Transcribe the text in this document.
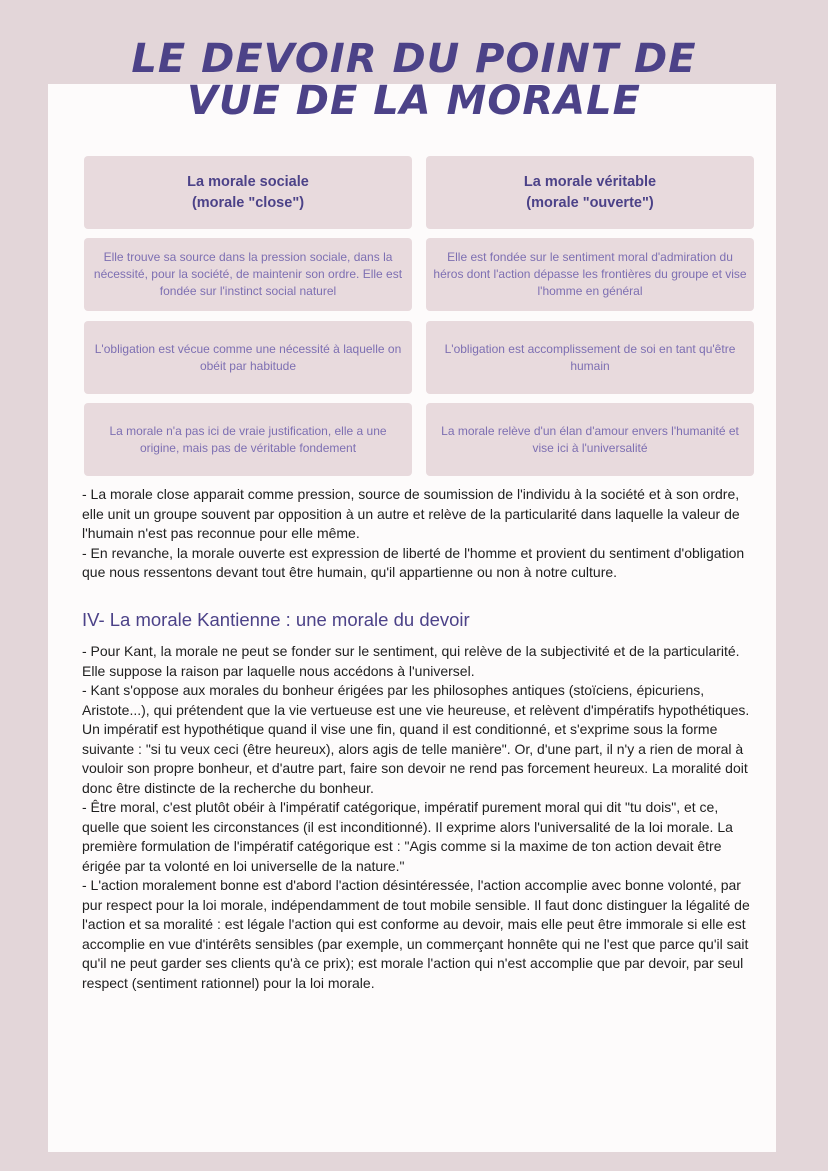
LE DEVOIR DU POINT DE
VUE DE LA MORALE
La morale sociale
(morale "close")
La morale véritable
(morale "ouverte")
Elle trouve sa source dans la pression sociale, dans la nécessité, pour la société, de maintenir son ordre. Elle est fondée sur l'instinct social naturel
Elle est fondée sur le sentiment moral d'admiration du héros dont l'action dépasse les frontières du groupe et vise l'homme en général
L'obligation est vécue comme une nécessité à laquelle on obéit par habitude
L'obligation est accomplissement de soi en tant qu'être humain
La morale n'a pas ici de vraie justification, elle a une origine, mais pas de véritable fondement
La morale relève d'un élan d'amour envers l'humanité et vise ici à l'universalité

- La morale close apparait comme pression, source de soumission de l'individu à la société et à son ordre, elle unit un groupe souvent par opposition à un autre et relève de la particularité dans laquelle la valeur de l'humain n'est pas reconnue pour elle même.

- En revanche, la morale ouverte est expression de liberté de l'homme et provient du sentiment d'obligation que nous ressentons devant tout être humain, qu'il appartienne ou non à notre culture.

IV- La morale Kantienne : une morale du devoir

- Pour Kant, la morale ne peut se fonder sur le sentiment, qui relève de la subjectivité et de la particularité. Elle suppose la raison par laquelle nous accédons à l'universel.

- Kant s'oppose aux morales du bonheur érigées par les philosophes antiques (stoïciens, épicuriens, Aristote...), qui prétendent que la vie vertueuse est une vie heureuse, et relèvent d'impératifs hypothétiques. Un impératif est hypothétique quand il vise une fin, quand il est conditionné, et s'exprime sous la forme suivante : "si tu veux ceci (être heureux), alors agis de telle manière". Or, d'une part, il n'y a rien de moral à vouloir son propre bonheur, et d'autre part, faire son devoir ne rend pas forcement heureux. La moralité doit donc être distincte de la recherche du bonheur.

- Être moral, c'est plutôt obéir à l'impératif catégorique, impératif purement moral qui dit "tu dois", et ce, quelle que soient les circonstances (il est inconditionné). Il exprime alors l'universalité de la loi morale. La première formulation de l'impératif catégorique est : "Agis comme si la maxime de ton action devait être érigée par ta volonté en loi universelle de la nature."

- L'action moralement bonne est d'abord l'action désintéressée, l'action accomplie avec bonne volonté, par pur respect pour la loi morale, indépendamment de tout mobile sensible. Il faut donc distinguer la légalité de l'action et sa moralité : est légale l'action qui est conforme au devoir, mais elle peut être immorale si elle est accomplie en vue d'intérêts sensibles (par exemple, un commerçant honnête qui ne l'est que parce qu'il sait qu'il ne peut garder ses clients qu'à ce prix); est morale l'action qui n'est accomplie que par devoir, par seul respect (sentiment rationnel) pour la loi morale.
